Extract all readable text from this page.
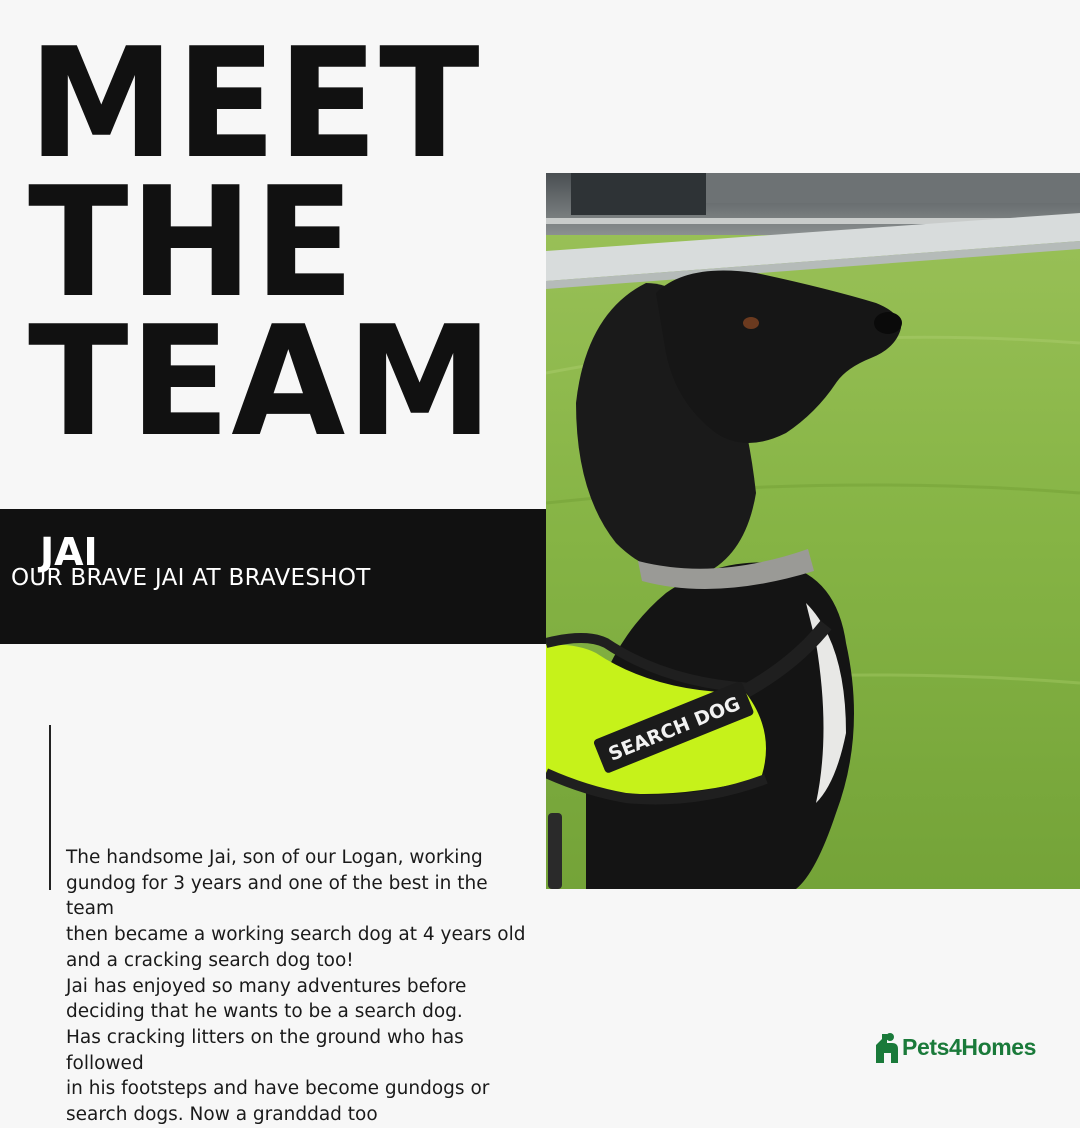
MEET
THE
TEAM

JAI

OUR BRAVE JAI AT BRAVESHOT

The handsome Jai, son of our Logan, working
gundog for 3 years and one of the best in the team
then became a working search dog at 4 years old
and a cracking search dog too!
Jai has enjoyed so many adventures before
deciding that he wants to be a search dog.
Has cracking litters on the ground who has followed
in his footsteps and have become gundogs or
search dogs. Now a granddad too
SEARCH DOG
Pets4Homes
